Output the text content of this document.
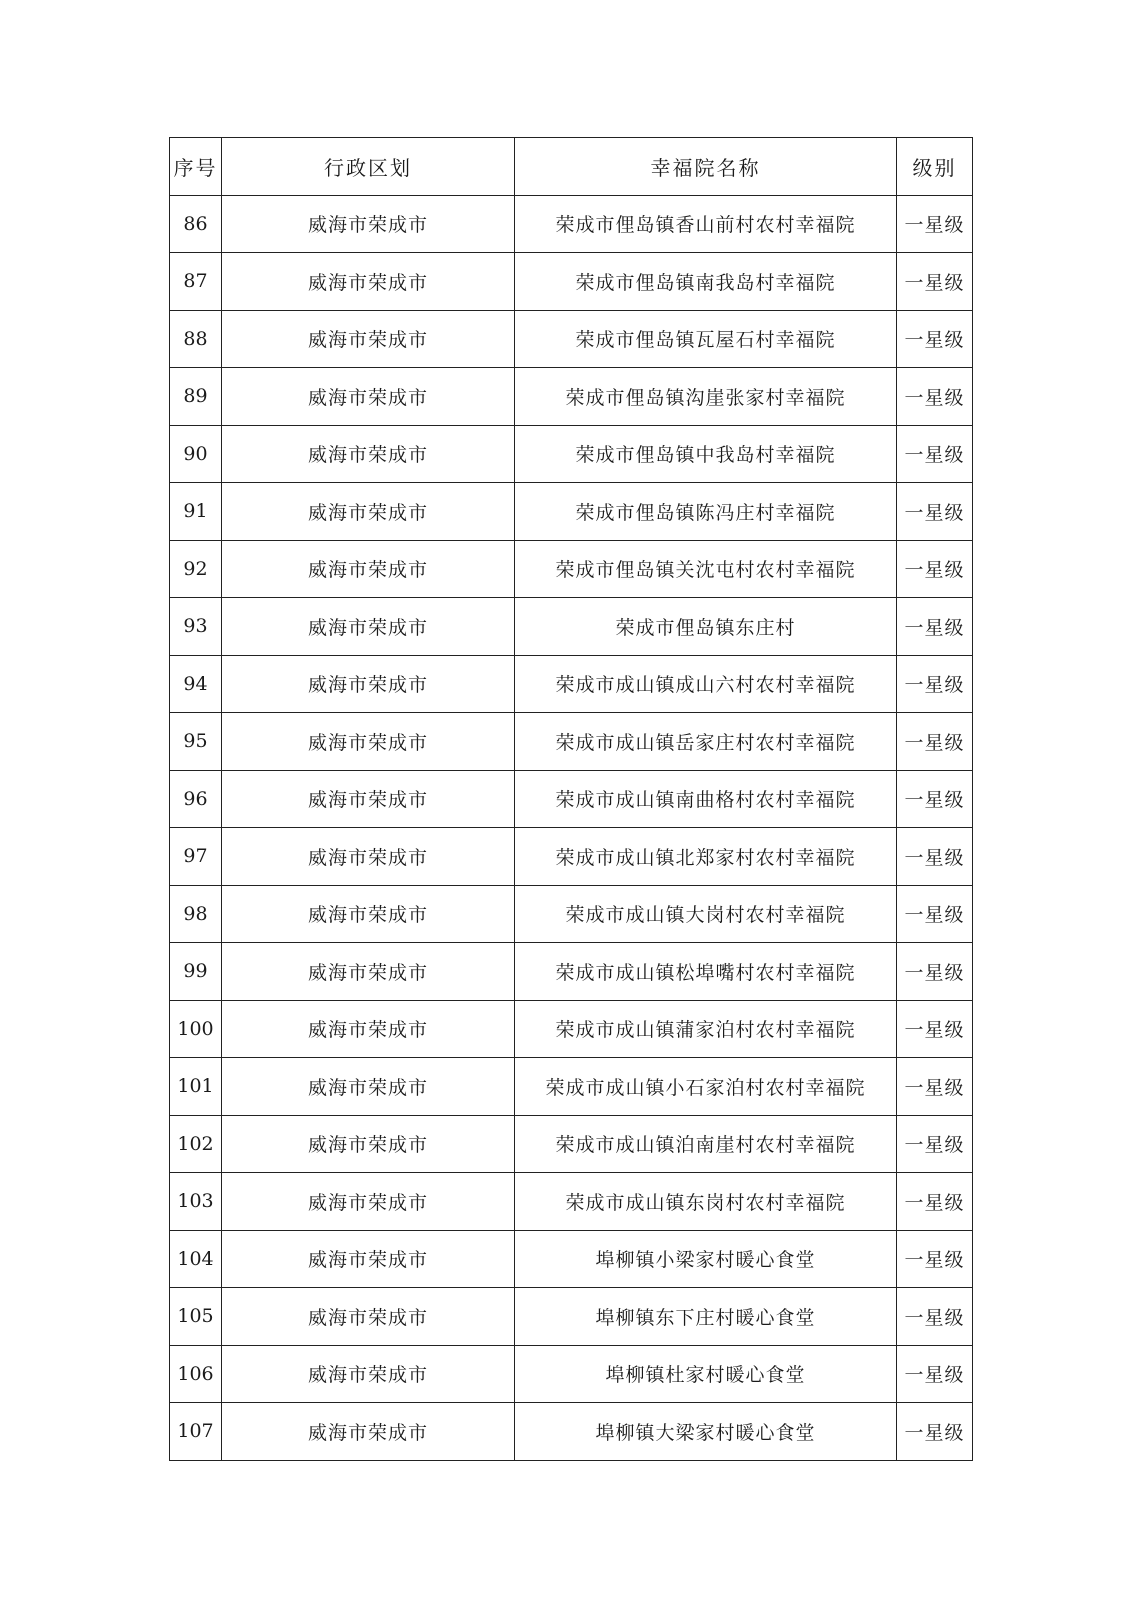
序号	行政区划	幸福院名称	级别
86	威海市荣成市	荣成市俚岛镇香山前村农村幸福院	一星级
87	威海市荣成市	荣成市俚岛镇南我岛村幸福院	一星级
88	威海市荣成市	荣成市俚岛镇瓦屋石村幸福院	一星级
89	威海市荣成市	荣成市俚岛镇沟崖张家村幸福院	一星级
90	威海市荣成市	荣成市俚岛镇中我岛村幸福院	一星级
91	威海市荣成市	荣成市俚岛镇陈冯庄村幸福院	一星级
92	威海市荣成市	荣成市俚岛镇关沈屯村农村幸福院	一星级
93	威海市荣成市	荣成市俚岛镇东庄村	一星级
94	威海市荣成市	荣成市成山镇成山六村农村幸福院	一星级
95	威海市荣成市	荣成市成山镇岳家庄村农村幸福院	一星级
96	威海市荣成市	荣成市成山镇南曲格村农村幸福院	一星级
97	威海市荣成市	荣成市成山镇北郑家村农村幸福院	一星级
98	威海市荣成市	荣成市成山镇大岗村农村幸福院	一星级
99	威海市荣成市	荣成市成山镇松埠嘴村农村幸福院	一星级
100	威海市荣成市	荣成市成山镇蒲家泊村农村幸福院	一星级
101	威海市荣成市	荣成市成山镇小石家泊村农村幸福院	一星级
102	威海市荣成市	荣成市成山镇泊南崖村农村幸福院	一星级
103	威海市荣成市	荣成市成山镇东岗村农村幸福院	一星级
104	威海市荣成市	埠柳镇小梁家村暖心食堂	一星级
105	威海市荣成市	埠柳镇东下庄村暖心食堂	一星级
106	威海市荣成市	埠柳镇杜家村暖心食堂	一星级
107	威海市荣成市	埠柳镇大梁家村暖心食堂	一星级
